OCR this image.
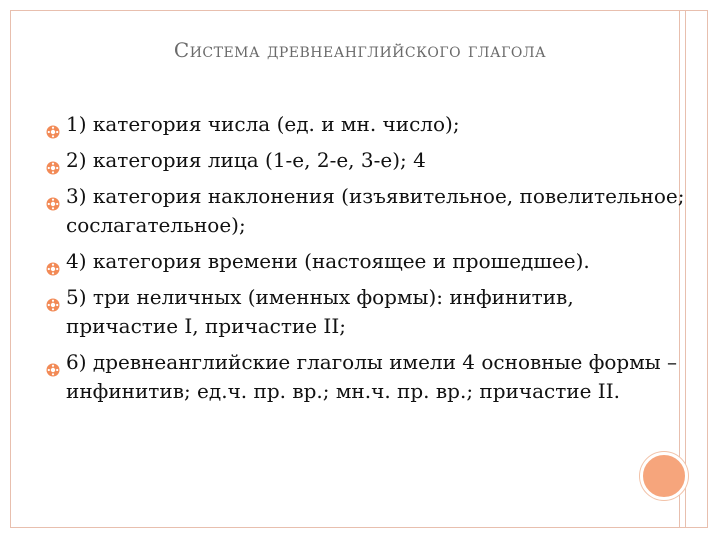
Система древнеанглийского глагола
1) категория числа (ед. и мн. число);
2) категория лица (1-е, 2-е, 3-е); 4
3) категория наклонения (изъявительное, повелительное; сослагательное);
4) категория времени (настоящее и прошедшее).
5) три неличных (именных формы): инфинитив, причастие I, причастие II;
6) древнеанглийские глаголы имели 4 основные формы – инфинитив; ед.ч. пр. вр.; мн.ч. пр. вр.; причастие II.
